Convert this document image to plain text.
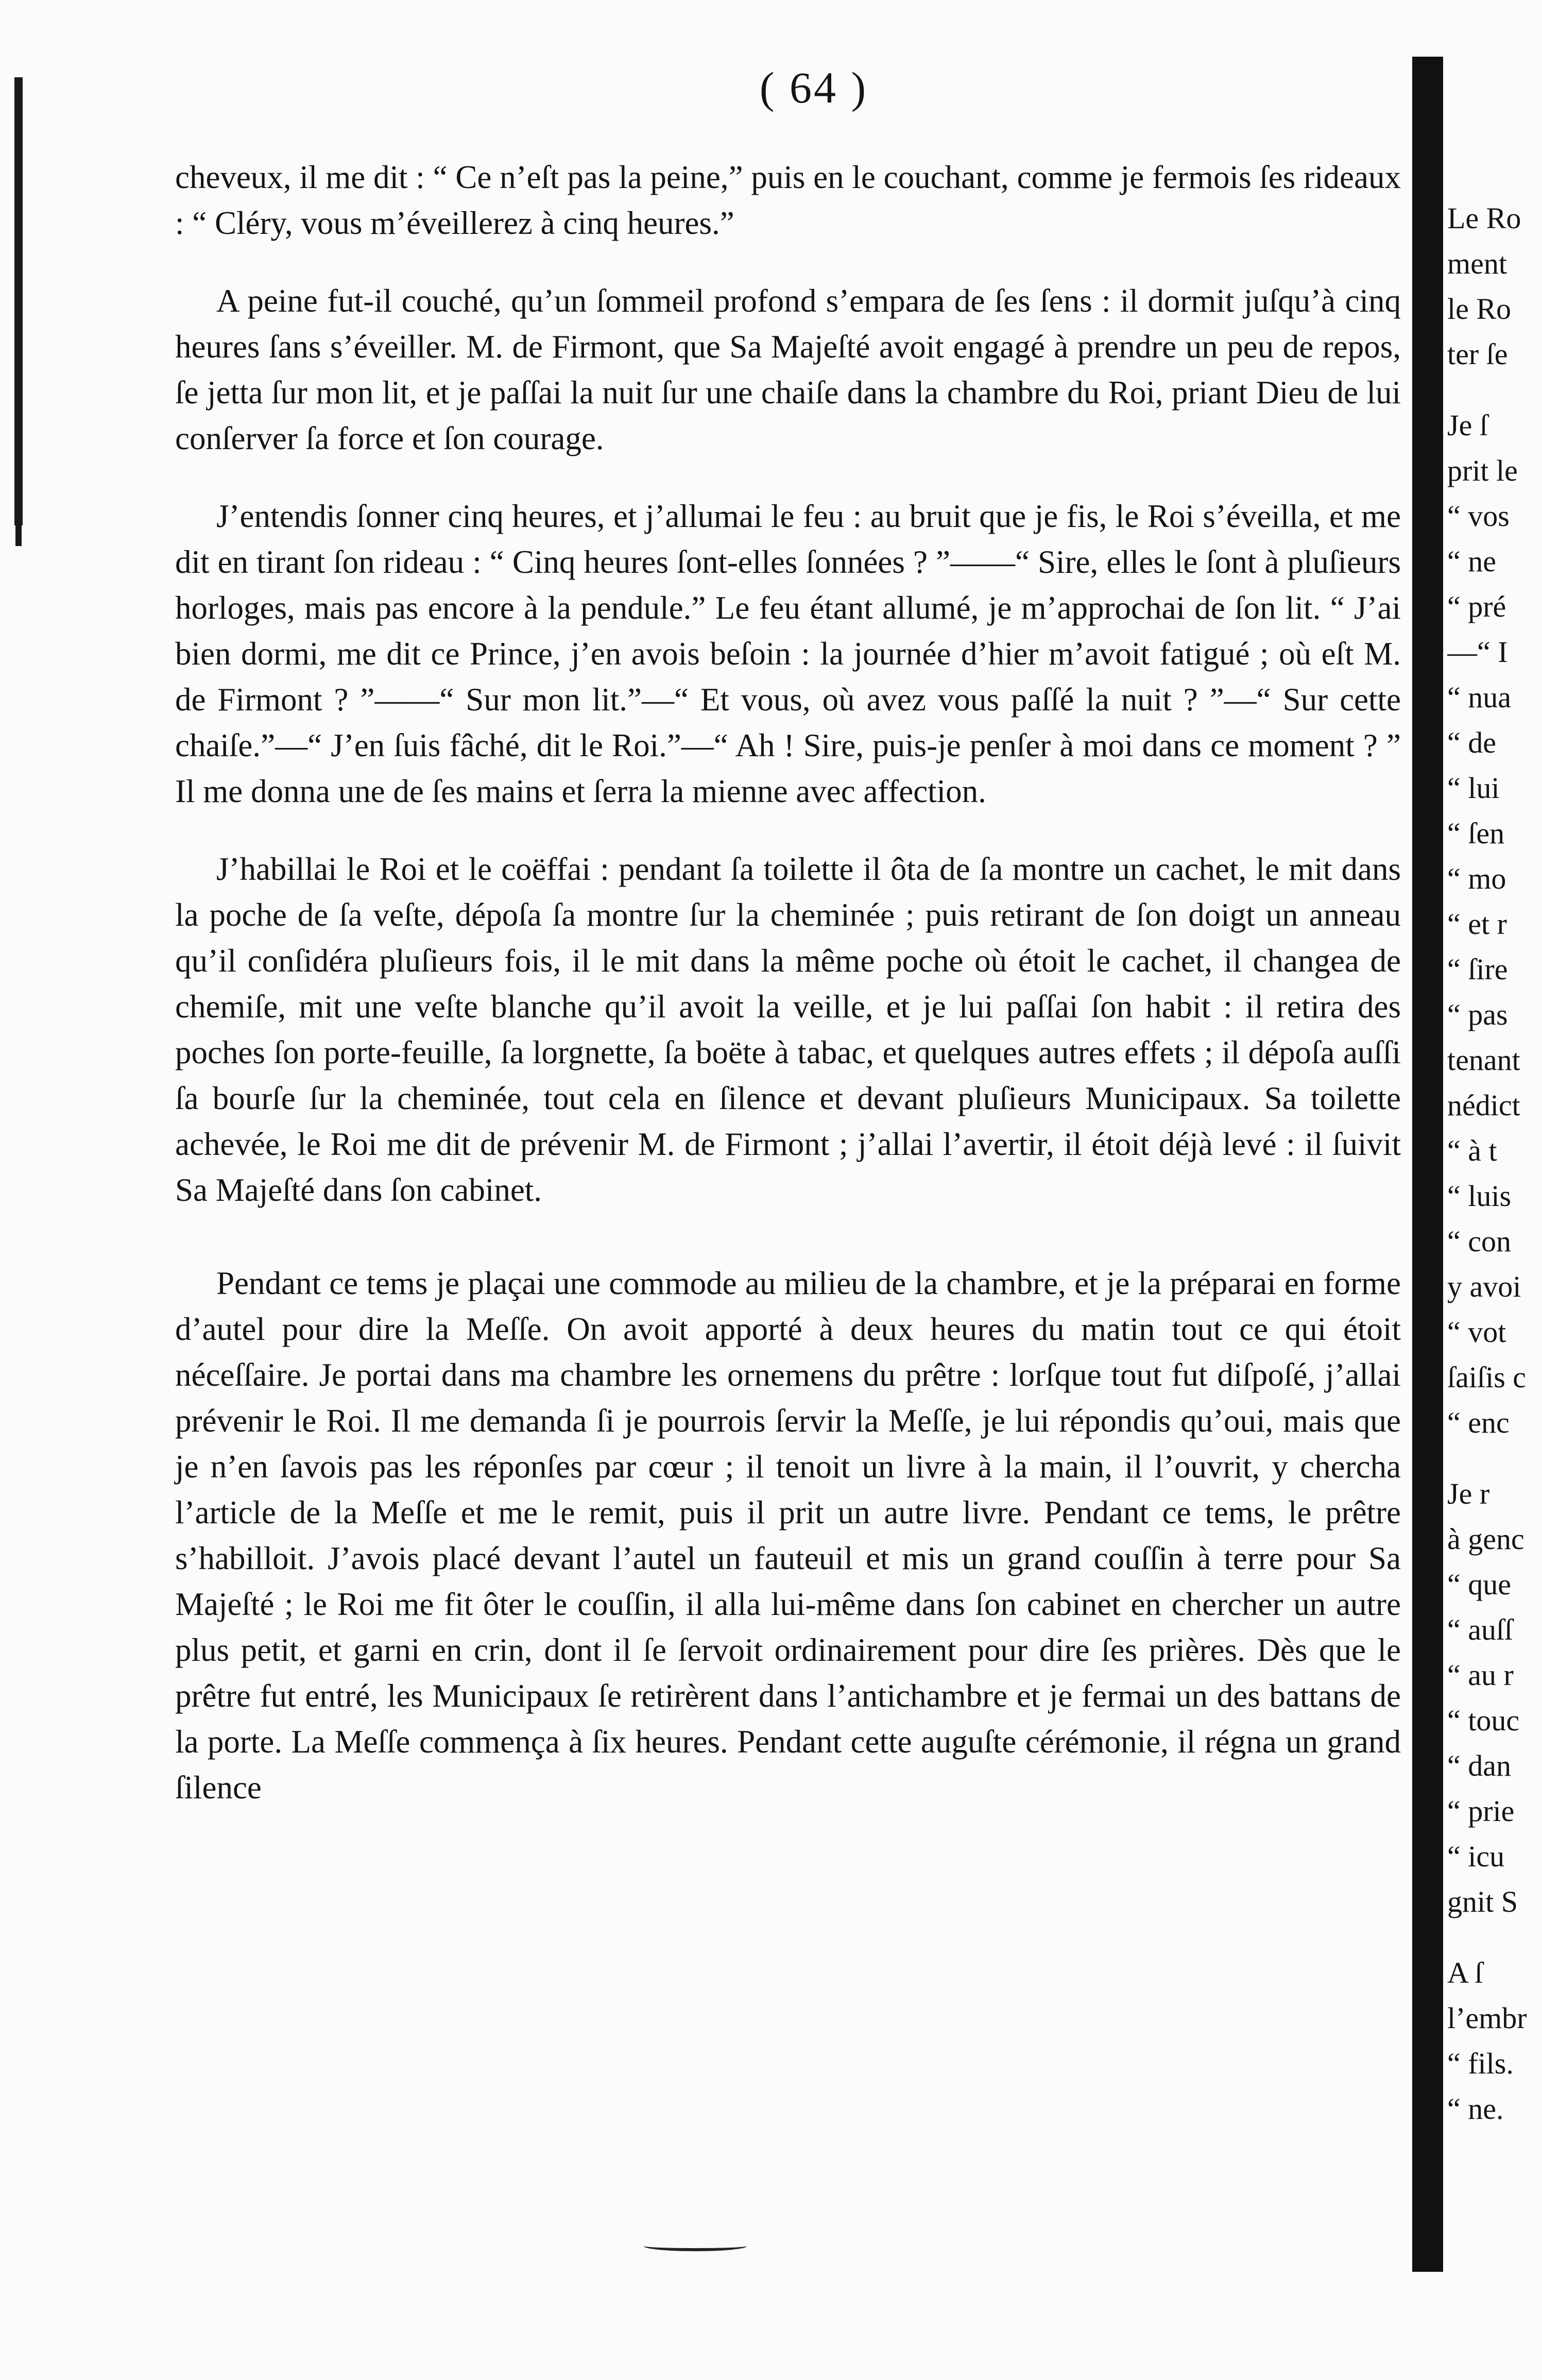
( 64 )

cheveux, il me dit : “ Ce n’eſt pas la peine,” puis en le couchant, comme je fermois ſes rideaux : “ Cléry, vous m’éveillerez à cinq heures.”

A peine fut-il couché, qu’un ſommeil profond s’empara de ſes ſens : il dormit juſqu’à cinq heures ſans s’éveiller. M. de Firmont, que Sa Majeſté avoit engagé à prendre un peu de repos, ſe jetta ſur mon lit, et je paſſai la nuit ſur une chaiſe dans la chambre du Roi, priant Dieu de lui conſerver ſa force et ſon courage.

J’entendis ſonner cinq heures, et j’allumai le feu : au bruit que je fis, le Roi s’éveilla, et me dit en tirant ſon rideau : “ Cinq heures ſont-elles ſonnées ? ”——“ Sire, elles le ſont à pluſieurs horloges, mais pas encore à la pendule.” Le feu étant allumé, je m’approchai de ſon lit. “ J’ai bien dormi, me dit ce Prince, j’en avois beſoin : la journée d’hier m’avoit fatigué ; où eſt M. de Firmont ? ”——“ Sur mon lit.”—“ Et vous, où avez vous paſſé la nuit ? ”—“ Sur cette chaiſe.”—“ J’en ſuis fâché, dit le Roi.”—“ Ah ! Sire, puis-je penſer à moi dans ce moment ? ” Il me donna une de ſes mains et ſerra la mienne avec affection.

J’habillai le Roi et le coëffai : pendant ſa toilette il ôta de ſa montre un cachet, le mit dans la poche de ſa veſte, dépoſa ſa montre ſur la cheminée ; puis retirant de ſon doigt un anneau qu’il conſidéra pluſieurs fois, il le mit dans la même poche où étoit le cachet, il changea de chemiſe, mit une veſte blanche qu’il avoit la veille, et je lui paſſai ſon habit : il retira des poches ſon porte-feuille, ſa lorgnette, ſa boëte à tabac, et quelques autres effets ; il dépoſa auſſi ſa bourſe ſur la cheminée, tout cela en ſilence et devant pluſieurs Municipaux. Sa toilette achevée, le Roi me dit de prévenir M. de Firmont ; j’allai l’avertir, il étoit déjà levé : il ſuivit Sa Majeſté dans ſon cabinet.

Pendant ce tems je plaçai une commode au milieu de la chambre, et je la préparai en forme d’autel pour dire la Meſſe. On avoit apporté à deux heures du matin tout ce qui étoit néceſſaire. Je portai dans ma chambre les ornemens du prêtre : lorſque tout fut diſpoſé, j’allai prévenir le Roi. Il me demanda ſi je pourrois ſervir la Meſſe, je lui répondis qu’oui, mais que je n’en ſavois pas les réponſes par cœur ; il tenoit un livre à la main, il l’ouvrit, y chercha l’article de la Meſſe et me le remit, puis il prit un autre livre. Pendant ce tems, le prêtre s’habilloit. J’avois placé devant l’autel un fauteuil et mis un grand couſſin à terre pour Sa Majeſté ; le Roi me fit ôter le couſſin, il alla lui-même dans ſon cabinet en chercher un autre plus petit, et garni en crin, dont il ſe ſervoit ordinairement pour dire ſes prières. Dès que le prêtre fut entré, les Municipaux ſe retirèrent dans l’antichambre et je fermai un des battans de la porte. La Meſſe commença à ſix heures. Pendant cette auguſte cérémonie, il régna un grand ſilence

Le Ro
ment
le Ro
ter ſe
Je ſ
prit le
“ vos
“ ne
“ pré
—“ I
“ nua
“ de
“ lui
“ ſen
“ mo
“ et r
“ ſire
“ pas
tenant
nédict
“ à t
“ luis
“ con
y avoi
“ vot
ſaiſis c
“ enc
Je r
à genc
“ que
“ auſſ
“ au r
“ touc
“ dan
“ prie
“ icu
gnit S
A ſ
l’embr
“ fils.
“ ne.
